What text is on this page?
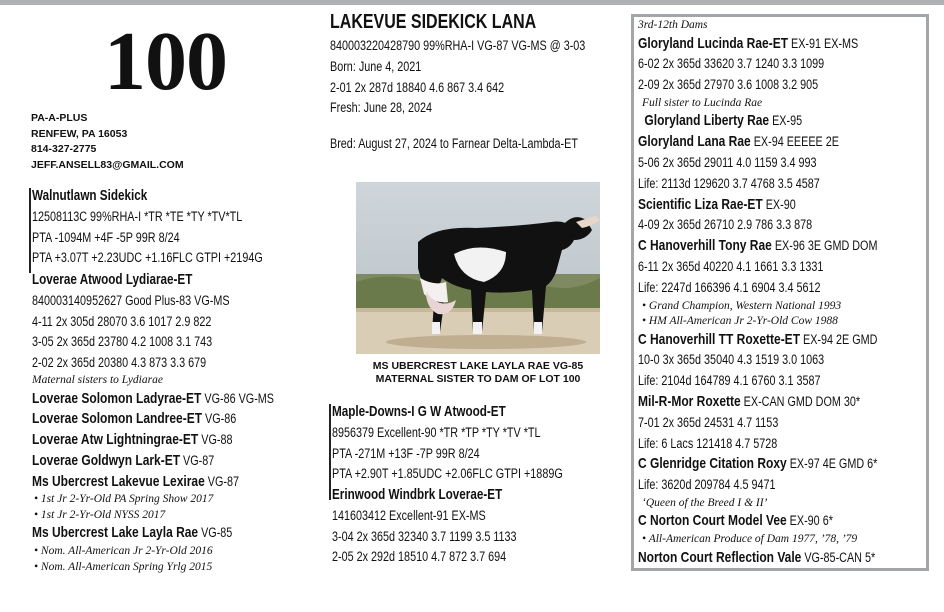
100
PA-A-PLUS
RENFEW, PA 16053
814-327-2775
JEFF.ANSELL83@GMAIL.COM
Walnutlawn Sidekick
12508113C 99%RHA-I *TR *TE *TY *TV*TL
PTA -1094M +4F -5P 99R 8/24
PTA +3.07T +2.23UDC +1.16FLC GTPI +2194G
Loverae Atwood Lydiarae-ET
840003140952627 Good Plus-83 VG-MS
4-11 2x 305d 28070 3.6 1017 2.9 822
3-05 2x 365d 23780 4.2 1008 3.1 743
2-02 2x 365d 20380 4.3 873 3.3 679
Maternal sisters to Lydiarae
Loverae Solomon Ladyrae-ET VG-86 VG-MS
Loverae Solomon Landree-ET VG-86
Loverae Atw Lightningrae-ET VG-88
Loverae Goldwyn Lark-ET VG-87
Ms Ubercrest Lakevue Lexirae VG-87
• 1st Jr 2-Yr-Old PA Spring Show 2017
• 1st Jr 2-Yr-Old NYSS 2017
Ms Ubercrest Lake Layla Rae VG-85
• Nom. All-American Jr 2-Yr-Old 2016
• Nom. All-American Spring Yrlg 2015
LAKEVUE SIDEKICK LANA
840003220428790 99%RHA-I VG-87 VG-MS @ 3-03
Born: June 4, 2021
2-01 2x 287d 18840 4.6 867 3.4 642
Fresh: June 28, 2024
Bred: August 27, 2024 to Farnear Delta-Lambda-ET
MS UBERCREST LAKE LAYLA RAE VG-85
MATERNAL SISTER TO DAM OF LOT 100
Maple-Downs-I G W Atwood-ET
8956379 Excellent-90 *TR *TP *TY *TV *TL
PTA -271M +13F -7P 99R 8/24
PTA +2.90T +1.85UDC +2.06FLC GTPI +1889G
Erinwood Windbrk Loverae-ET
141603412 Excellent-91 EX-MS
3-04 2x 365d 32340 3.7 1199 3.5 1133
2-05 2x 292d 18510 4.7 872 3.7 694
3rd-12th Dams
Gloryland Lucinda Rae-ET EX-91 EX-MS
6-02 2x 365d 33620 3.7 1240 3.3 1099
2-09 2x 365d 27970 3.6 1008 3.2 905
Full sister to Lucinda Rae
Gloryland Liberty Rae EX-95
Gloryland Lana Rae EX-94 EEEEE 2E
5-06 2x 365d 29011 4.0 1159 3.4 993
Life: 2113d 129620 3.7 4768 3.5 4587
Scientific Liza Rae-ET EX-90
4-09 2x 365d 26710 2.9 786 3.3 878
C Hanoverhill Tony Rae EX-96 3E GMD DOM
6-11 2x 365d 40220 4.1 1661 3.3 1331
Life: 2247d 166396 4.1 6904 3.4 5612
• Grand Champion, Western National 1993
• HM All-American Jr 2-Yr-Old Cow 1988
C Hanoverhill TT Roxette-ET EX-94 2E GMD
10-0 3x 365d 35040 4.3 1519 3.0 1063
Life: 2104d 164789 4.1 6760 3.1 3587
Mil-R-Mor Roxette EX-CAN GMD DOM 30*
7-01 2x 365d 24531 4.7 1153
Life: 6 Lacs 121418 4.7 5728
C Glenridge Citation Roxy EX-97 4E GMD 6*
Life: 3620d 209784 4.5 9471
‘Queen of the Breed I & II’
C Norton Court Model Vee EX-90 6*
• All-American Produce of Dam 1977, ’78, ’79
Norton Court Reflection Vale VG-85-CAN 5*
